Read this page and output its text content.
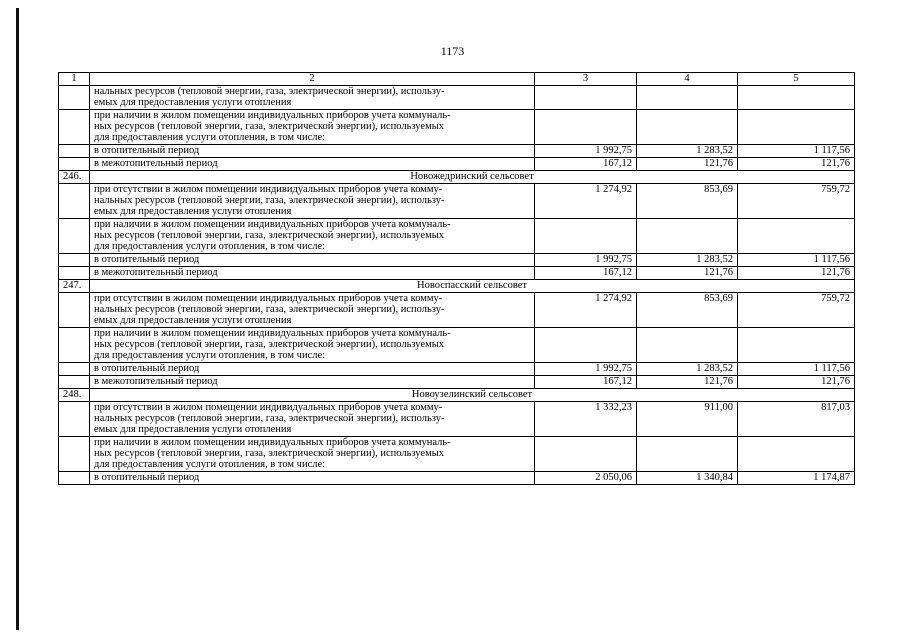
1173
1	2	3	4	5
	нальных ресурсов (тепловой энергии, газа, электрической энергии), использу-
емых для предоставления услуги отопления			
	при наличии в жилом помещении индивидуальных приборов учета коммуналь-
ных ресурсов (тепловой энергии, газа, электрической энергии), используемых
для предоставления услуги отопления, в том числе:			
	в отопительный период	1 992,75	1 283,52	1 117,56
	в межотопительный период	167,12	121,76	121,76
246.	Новожедринский сельсовет			
	при отсутствии в жилом помещении индивидуальных приборов учета комму-
нальных ресурсов (тепловой энергии, газа, электрической энергии), использу-
емых для предоставления услуги отопления	1 274,92	853,69	759,72
	при наличии в жилом помещении индивидуальных приборов учета коммуналь-
ных ресурсов (тепловой энергии, газа, электрической энергии), используемых
для предоставления услуги отопления, в том числе:			
	в отопительный период	1 992,75	1 283,52	1 117,56
	в межотопительный период	167,12	121,76	121,76
247.	Новоспасский сельсовет			
	при отсутствии в жилом помещении индивидуальных приборов учета комму-
нальных ресурсов (тепловой энергии, газа, электрической энергии), использу-
емых для предоставления услуги отопления	1 274,92	853,69	759,72
	при наличии в жилом помещении индивидуальных приборов учета коммуналь-
ных ресурсов (тепловой энергии, газа, электрической энергии), используемых
для предоставления услуги отопления, в том числе:			
	в отопительный период	1 992,75	1 283,52	1 117,56
	в межотопительный период	167,12	121,76	121,76
248.	Новоузелинский сельсовет			
	при отсутствии в жилом помещении индивидуальных приборов учета комму-
нальных ресурсов (тепловой энергии, газа, электрической энергии), использу-
емых для предоставления услуги отопления	1 332,23	911,00	817,03
	при наличии в жилом помещении индивидуальных приборов учета коммуналь-
ных ресурсов (тепловой энергии, газа, электрической энергии), используемых
для предоставления услуги отопления, в том числе:			
	в отопительный период	2 050,06	1 340,84	1 174,87
